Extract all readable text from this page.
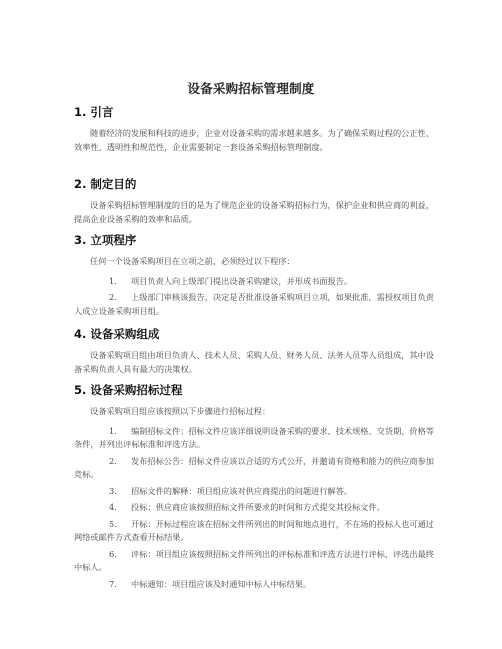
设备采购招标管理制度
1. 引言

随着经济的发展和科技的进步，企业对设备采购的需求越来越多。为了确保采购过程的公正性、效率性、透明性和规范性，企业需要制定一套设备采购招标管理制度。

2. 制定目的

设备采购招标管理制度的目的是为了规范企业的设备采购招标行为，保护企业和供应商的利益，提高企业设备采购的效率和品质。

3. 立项程序

任何一个设备采购项目在立项之前，必须经过以下程序：

1. 项目负责人向上级部门提出设备采购建议，并形成书面报告。
2. 上级部门审核该报告，决定是否批准设备采购项目立项，如果批准，需授权项目负责人成立设备采购项目组。
4. 设备采购组成

设备采购项目组由项目负责人、技术人员、采购人员、财务人员、法务人员等人员组成，其中设备采购负责人具有最大的决策权。

5. 设备采购招标过程

设备采购项目组应该按照以下步骤进行招标过程：

1. 编制招标文件：招标文件应该详细说明设备采购的要求、技术规格、交货期、价格等条件，并列出评标标准和评选方法。
2. 发布招标公告：招标文件应该以合适的方式公开，并邀请有资格和能力的供应商参加竞标。
3. 招标文件的解释：项目组应该对供应商提出的问题进行解答。
4. 投标：供应商应该按照招标文件所要求的时间和方式提交其投标文件。
5. 开标：开标过程应该在招标文件所列出的时间和地点进行，不在场的投标人也可通过网络或邮件方式查看开标结果。
6. 评标：项目组应该按照招标文件所列出的评标标准和评选方法进行评标，评选出最终中标人。
7. 中标通知：项目组应该及时通知中标人中标结果。
